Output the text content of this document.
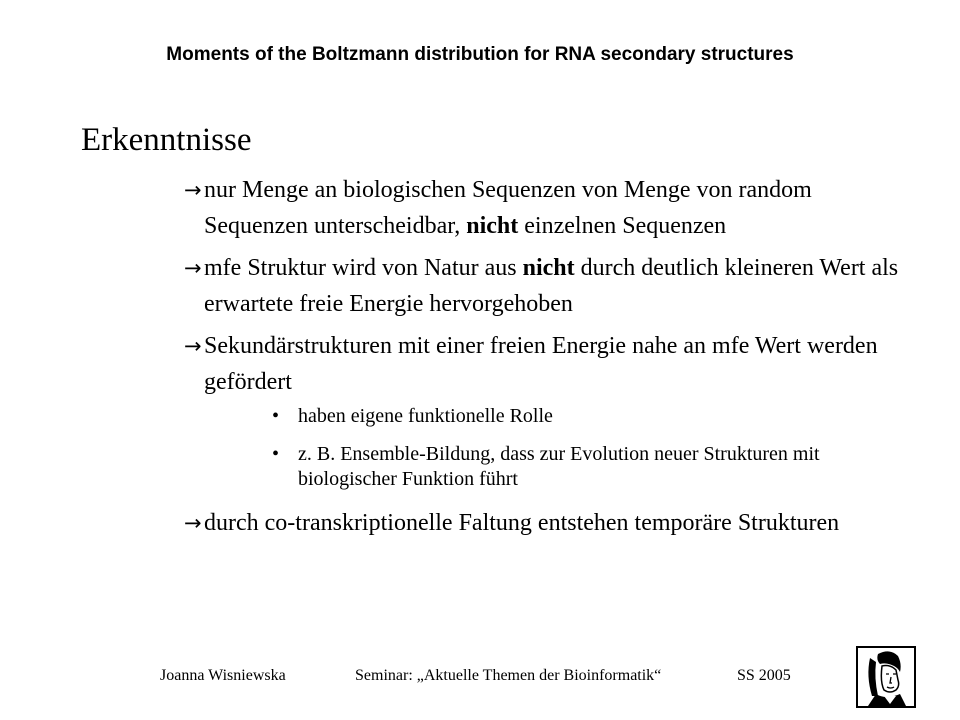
Moments of the Boltzmann distribution for RNA secondary structures
Erkenntnisse
→ nur Menge an biologischen Sequenzen von Menge von random Sequenzen unterscheidbar, nicht einzelnen Sequenzen
→ mfe Struktur wird von Natur aus nicht durch deutlich kleineren Wert als erwartete freie Energie hervorgehoben
→ Sekundärstrukturen mit einer freien Energie nahe an mfe Wert werden gefördert
• haben eigene funktionelle Rolle
• z. B. Ensemble-Bildung, dass zur Evolution neuer Strukturen mit biologischer Funktion führt
→ durch co-transkriptionelle Faltung entstehen temporäre Strukturen
Joanna Wisniewska	Seminar: „Aktuelle Themen der Bioinformatik“	SS 2005
